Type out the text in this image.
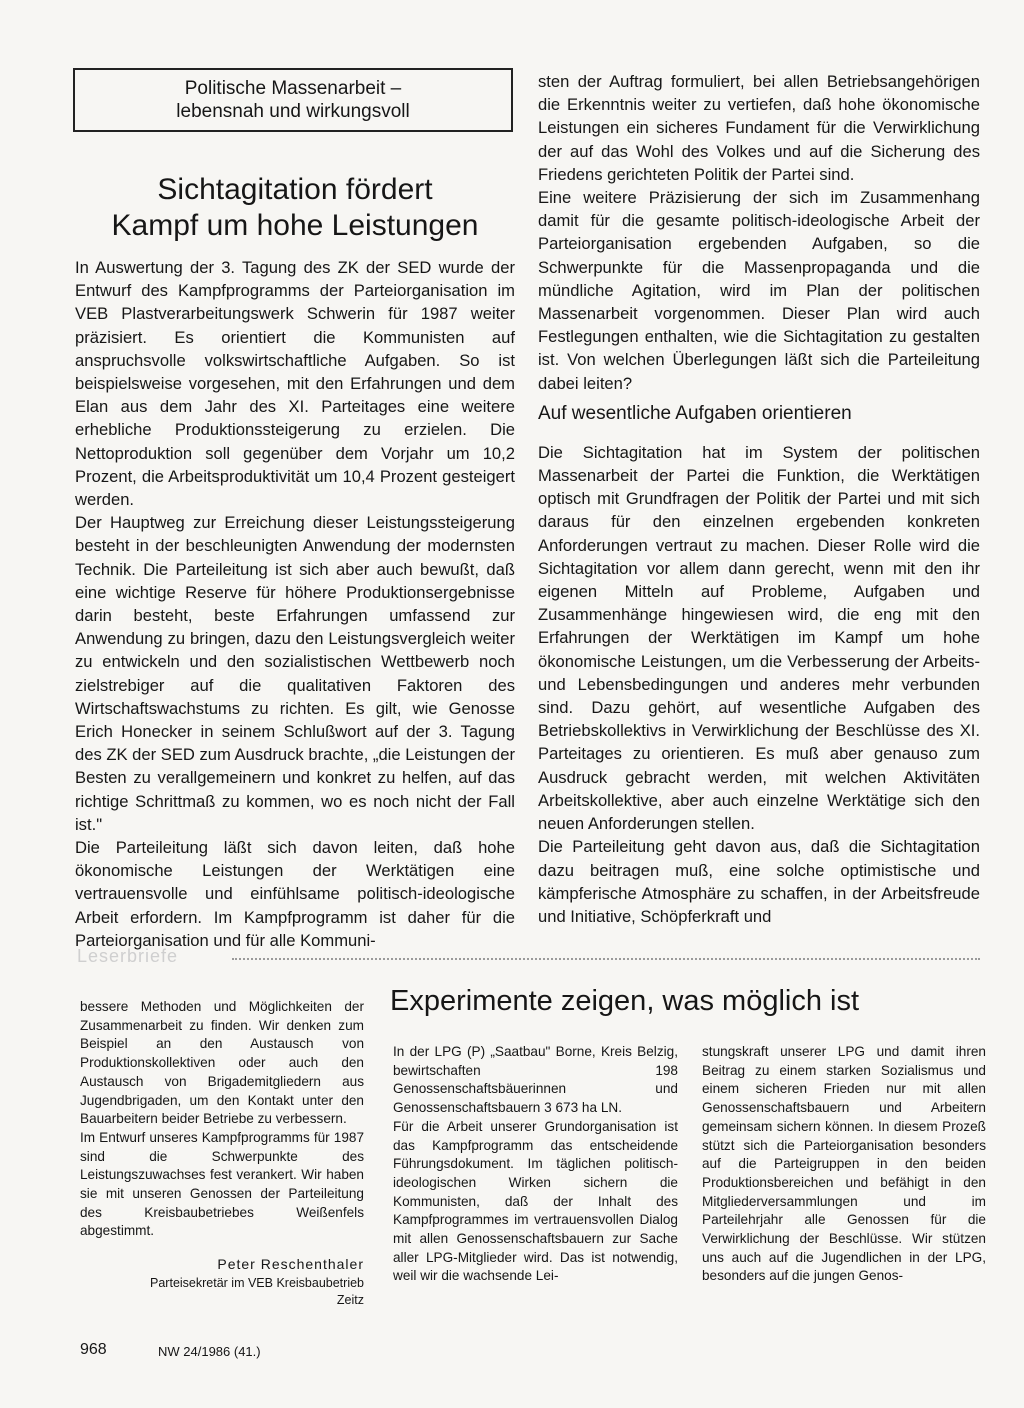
Politische Massenarbeit –
lebensnah und wirkungsvoll
Sichtagitation fördert
Kampf um hohe Leistungen

In Auswertung der 3. Tagung des ZK der SED wurde der Entwurf des Kampfprogramms der Parteiorganisation im VEB Plastverarbeitungswerk Schwerin für 1987 weiter präzisiert. Es orientiert die Kommunisten auf anspruchsvolle volkswirtschaftliche Aufgaben. So ist beispielsweise vorgesehen, mit den Erfahrungen und dem Elan aus dem Jahr des XI. Parteitages eine weitere erhebliche Produktionssteigerung zu erzielen. Die Nettoproduktion soll gegenüber dem Vorjahr um 10,2 Prozent, die Arbeitsproduktivität um 10,4 Prozent gesteigert werden.

Der Hauptweg zur Erreichung dieser Leistungssteigerung besteht in der beschleunigten Anwendung der modernsten Technik. Die Parteileitung ist sich aber auch bewußt, daß eine wichtige Reserve für höhere Produktionsergebnisse darin besteht, beste Erfahrungen umfassend zur Anwendung zu bringen, dazu den Leistungsvergleich weiter zu entwickeln und den sozialistischen Wettbewerb noch zielstrebiger auf die qualitativen Faktoren des Wirtschaftswachstums zu richten. Es gilt, wie Genosse Erich Honecker in seinem Schlußwort auf der 3. Tagung des ZK der SED zum Ausdruck brachte, „die Leistungen der Besten zu verallgemeinern und konkret zu helfen, auf das richtige Schrittmaß zu kommen, wo es noch nicht der Fall ist."

Die Parteileitung läßt sich davon leiten, daß hohe ökonomische Leistungen der Werktätigen eine vertrauensvolle und einfühlsame politisch-ideologische Arbeit erfordern. Im Kampfprogramm ist daher für die Parteiorganisation und für alle Kommuni-

sten der Auftrag formuliert, bei allen Betriebsangehörigen die Erkenntnis weiter zu vertiefen, daß hohe ökonomische Leistungen ein sicheres Fundament für die Verwirklichung der auf das Wohl des Volkes und auf die Sicherung des Friedens gerichteten Politik der Partei sind.

Eine weitere Präzisierung der sich im Zusammenhang damit für die gesamte politisch-ideologische Arbeit der Parteiorganisation ergebenden Aufgaben, so die Schwerpunkte für die Massenpropaganda und die mündliche Agitation, wird im Plan der politischen Massenarbeit vorgenommen. Dieser Plan wird auch Festlegungen enthalten, wie die Sichtagitation zu gestalten ist. Von welchen Überlegungen läßt sich die Parteileitung dabei leiten?

Auf wesentliche Aufgaben orientieren

Die Sichtagitation hat im System der politischen Massenarbeit der Partei die Funktion, die Werktätigen optisch mit Grundfragen der Politik der Partei und mit sich daraus für den einzelnen ergebenden konkreten Anforderungen vertraut zu machen. Dieser Rolle wird die Sichtagitation vor allem dann gerecht, wenn mit den ihr eigenen Mitteln auf Probleme, Aufgaben und Zusammenhänge hingewiesen wird, die eng mit den Erfahrungen der Werktätigen im Kampf um hohe ökonomische Leistungen, um die Verbesserung der Arbeits- und Lebensbedingungen und anderes mehr verbunden sind. Dazu gehört, auf wesentliche Aufgaben des Betriebskollektivs in Verwirklichung der Beschlüsse des XI. Parteitages zu orientieren. Es muß aber genauso zum Ausdruck gebracht werden, mit welchen Aktivitäten Arbeitskollektive, aber auch einzelne Werktätige sich den neuen Anforderungen stellen.

Die Parteileitung geht davon aus, daß die Sichtagitation dazu beitragen muß, eine solche optimistische und kämpferische Atmosphäre zu schaffen, in der Arbeitsfreude und Initiative, Schöpferkraft und

Leserbriefe

bessere Methoden und Möglichkeiten der Zusammenarbeit zu finden. Wir denken zum Beispiel an den Austausch von Produktionskollektiven oder auch den Austausch von Brigademitgliedern aus Jugendbrigaden, um den Kontakt unter den Bauarbeitern beider Betriebe zu verbessern.

Im Entwurf unseres Kampfprogramms für 1987 sind die Schwerpunkte des Leistungszuwachses fest verankert. Wir haben sie mit unseren Genossen der Parteileitung des Kreisbaubetriebes Weißenfels abgestimmt.

Peter Reschenthaler
Parteisekretär im VEB Kreisbaubetrieb
Zeitz
Experimente zeigen, was möglich ist

In der LPG (P) „Saatbau" Borne, Kreis Belzig, bewirtschaften 198 Genossenschaftsbäuerinnen und Genossenschaftsbauern 3 673 ha LN.

Für die Arbeit unserer Grundorganisation ist das Kampfprogramm das entscheidende Führungsdokument. Im täglichen politisch-ideologischen Wirken sichern die Kommunisten, daß der Inhalt des Kampfprogrammes im vertrauensvollen Dialog mit allen Genossenschaftsbauern zur Sache aller LPG-Mitglieder wird. Das ist notwendig, weil wir die wachsende Lei-

stungskraft unserer LPG und damit ihren Beitrag zu einem starken Sozialismus und einem sicheren Frieden nur mit allen Genossenschaftsbauern und Arbeitern gemeinsam sichern können. In diesem Prozeß stützt sich die Parteiorganisation besonders auf die Parteigruppen in den beiden Produktionsbereichen und befähigt in den Mitgliederversammlungen und im Parteilehrjahr alle Genossen für die Verwirklichung der Beschlüsse. Wir stützen uns auch auf die Jugendlichen in der LPG, besonders auf die jungen Genos-

968	NW 24/1986 (41.)
